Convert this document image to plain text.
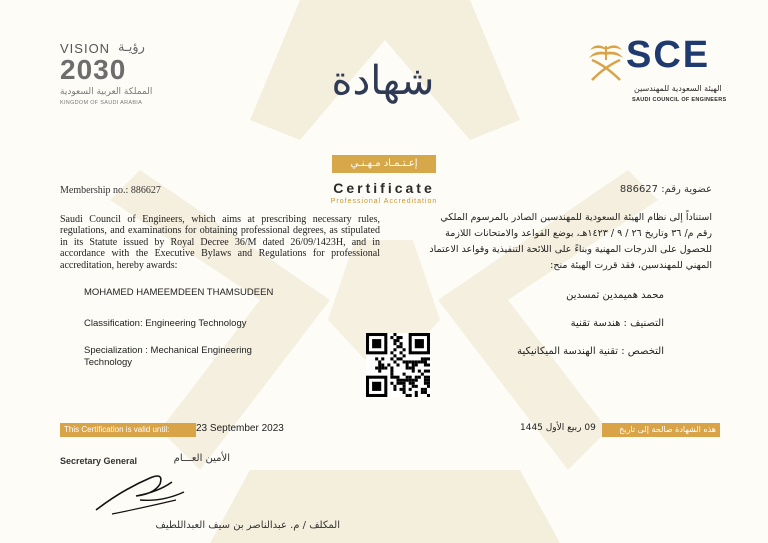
VISION رؤيـة
2030
المملكة العربية السعودية
KINGDOM OF SAUDI ARABIA
SCE
الهيئة السعودية للمهندسين
SAUDI COUNCIL OF ENGINEERS
شهادة
إعـتـمـاد مـهـنـي
Certificate
Professional Accreditation
Membership no.: 886627	عضوية رقم: 886627
Saudi Council of Engineers, which aims at prescribing necessary rules, regulations, and examinations for obtaining professional degrees, as stipulated in its Statute issued by Royal Decree 36/M dated 26/09/1423H, and in accordance with the Executive Bylaws and Regulations for professional accreditation, hereby awards:
استناداً إلى نظام الهيئة السعودية للمهندسين الصادر بالمرسوم الملكي رقم م/ ٣٦ وتاريخ ٢٦ / ٩ / ١٤٢٣هـ، بوضع القواعد والامتحانات اللازمة للحصول على الدرجات المهنية وبناءً على اللائحة التنفيذية وقواعد الاعتماد المهني للمهندسين، فقد قررت الهيئة منح:
MOHAMED HAMEEMDEEN THAMSUDEEN
Classification: Engineering Technology
Specialization : Mechanical Engineering Technology
محمد هميمدين ثمسدين
التصنيف : هندسة تقنية
التخصص : تقنية الهندسة الميكانيكية
This Certification is valid until:	23 September 2023	09 ربيع الأول 1445	هذه الشهادة صالحة إلى تاريخ
Secretary General	الأمين العـــام
المكلف / م. عبدالناصر بن سيف العبداللطيف
